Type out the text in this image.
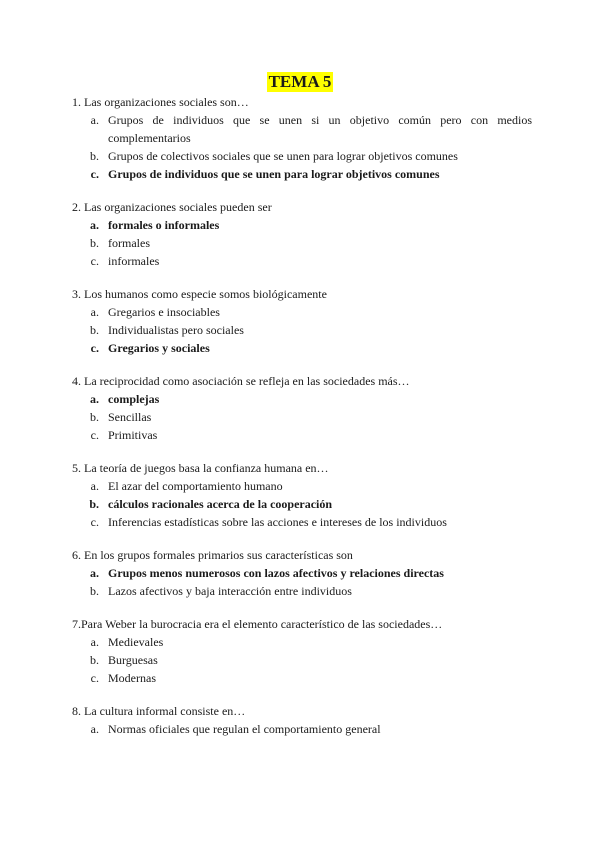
TEMA 5
1. Las organizaciones sociales son…
a. Grupos de individuos que se unen si un objetivo común pero con medios complementarios
b. Grupos de colectivos sociales que se unen para lograr objetivos comunes
c. Grupos de individuos que se unen para lograr objetivos comunes
2. Las organizaciones sociales pueden ser
a. formales o informales
b. formales
c. informales
3. Los humanos como especie somos biológicamente
a. Gregarios e insociables
b. Individualistas pero sociales
c. Gregarios y sociales
4. La reciprocidad como asociación se refleja en las sociedades más…
a. complejas
b. Sencillas
c. Primitivas
5. La teoría de juegos basa la confianza humana en…
a. El azar del comportamiento humano
b. cálculos racionales acerca de la cooperación
c. Inferencias estadísticas sobre las acciones e intereses de los individuos
6. En los grupos formales primarios sus características son
a. Grupos menos numerosos con lazos afectivos y relaciones directas
b. Lazos afectivos y baja interacción entre individuos
7.Para Weber la burocracia era el elemento característico de las sociedades…
a. Medievales
b. Burguesas
c. Modernas
8. La cultura informal consiste en…
a. Normas oficiales que regulan el comportamiento general
